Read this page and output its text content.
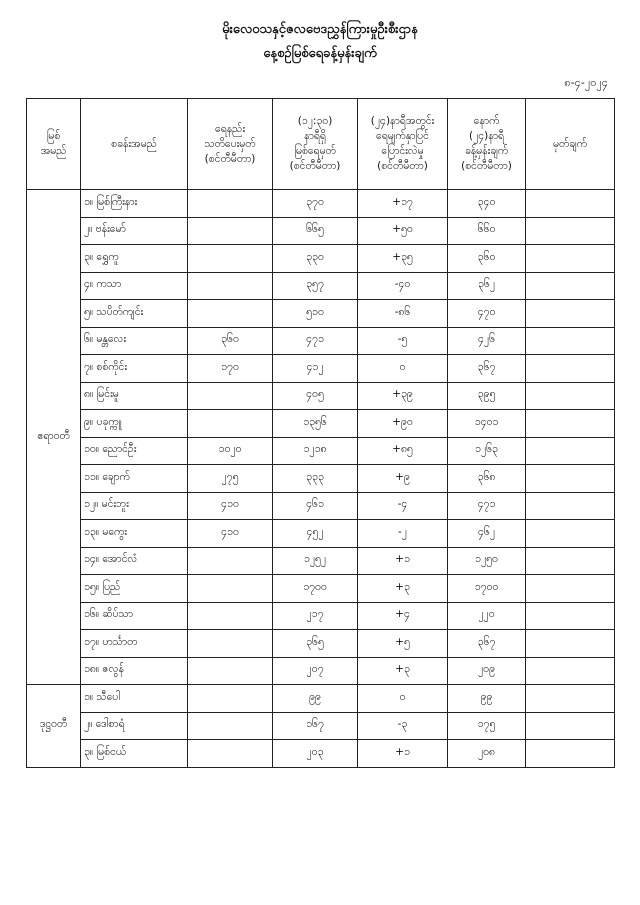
မိုးလေဝသနှင့်ဇလဗေဒညွှန်ကြားမှုဦးစီးဌာန

နေ့စဉ်မြစ်ရေခန့်မှန်းချက်

၈-၄-၂၀၂၄
မြစ်
အမည်	စခန်းအမည်	ရေနည်း
သတိပေးမှတ်
(စင်တီမီတာ)	(၁၂:၃၀)
နာရီရှိ
မြစ်ရေမှတ်
(စင်တီမီတာ)	(၂၄)နာရီအတွင်း
ရေမျက်နှာပြင်
ပြောင်းလဲမှု
(စင်တီမီတာ)	နောက်
(၂၄)နာရီ
ခန့်မှန်းချက်
(စင်တီမီတာ)	မှတ်ချက်
ဧရာဝတီ	၁။ မြစ်ကြီးနား		၃၇၀	+၁၇	၃၄၀	
	၂။ ဗန်းမော်		၆၆၅	+၅၀	၆၆၀	
	၃။ ရွှေကူ		၃၃၀	+၃၅	၃၆၀	
	၄။ ကသာ		၃၅၇	-၄၀	၃၆၂	
	၅။ သပိတ်ကျင်း		၅၁၀	-၈၆	၄၇၀	
	၆။ မန္တလေး	၃၆၀	၄၇၁	-၅	၄၂၆	
	၇။ စစ်ကိုင်း	၁၇၀	၄၁၂	၀	၃၆၇	
	၈။ မြင်းမူ		၄၀၅	+၃၉	၃၉၅	
	၉။ ပခုက္ကူ		၁၃၅၆	+၉၀	၁၄၀၁	
	၁၀။ ညောင်ဦး	၁၀၂၀	၁၂၁၈	+၈၅	၁၂၆၃	
	၁၁။ ချောက်	၂၇၅	၃၃၃	+၉	၃၆၈	
	၁၂။ မင်းဘူး	၄၁၀	၄၆၁	-၄	၄၇၁	
	၁၃။ မကွေး	၄၁၀	၄၅၂	-၂	၄၆၂	
	၁၄။ အောင်လံ		၁၂၅၂	+၁	၁၂၅၀	
	၁၅။ ပြည်		၁၇၀၀	+၃	၁၇၀၀	
	၁၆။ ဆိပ်သာ		၂၁၇	+၄	၂၂၀	
	၁၇။ ဟင်္သာတ		၃၆၅	+၅	၃၆၇	
	၁၈။ ဇလွန်		၂၀၇	+၃	၂၀၉	
ဒုဋ္ဌဝတီ	၁။ သီပေါ		၉၉	၀	၉၉	
	၂။ ဒေါစာရံ		၁၆၇	-၃	၁၇၅	
	၃။ မြစ်ငယ်		၂၀၃	+၁	၂၀၈	
